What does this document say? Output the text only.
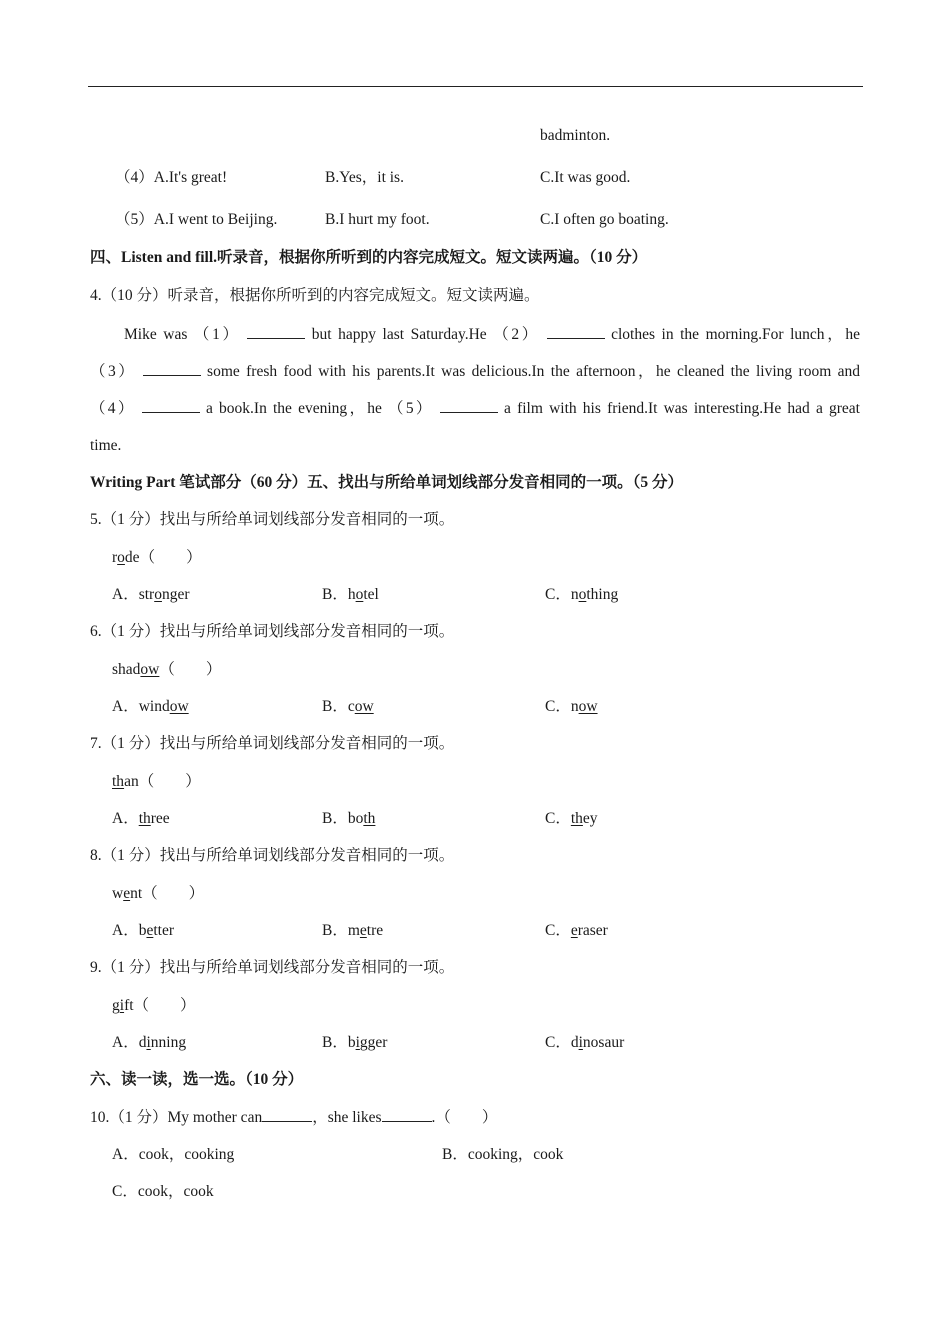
badminton.
（4）A.It's great!	B.Yes，it is.	C.It was good.
（5）A.I went to Beijing.	B.I hurt my foot.	C.I often go boating.
四、Listen and fill.听录音，根据你所听到的内容完成短文。短文读两遍。（10 分）
4.（10 分）听录音，根据你所听到的内容完成短文。短文读两遍。
Mike was （1）	but happy last Saturday.He （2）	clothes in the morning.For lunch，he
（3）	some fresh food with his parents.It was delicious.In the afternoon，he cleaned the living room and
（4）	a book.In the evening，he （5）	a film with his friend.It was interesting.He had a great
time.
Writing Part 笔试部分（60 分）五、找出与所给单词划线部分发音相同的一项。（5 分）
5.（1 分）找出与所给单词划线部分发音相同的一项。
rode（　　）
A．stronger	B．hotel	C．nothing
6.（1 分）找出与所给单词划线部分发音相同的一项。
shadow（　　）
A．window	B．cow	C．now
7.（1 分）找出与所给单词划线部分发音相同的一项。
than（　　）
A．three	B．both	C．they
8.（1 分）找出与所给单词划线部分发音相同的一项。
went（　　）
A．better	B．metre	C．eraser
9.（1 分）找出与所给单词划线部分发音相同的一项。
gift（　　）
A．dinning	B．bigger	C．dinosaur
六、读一读，选一选。（10 分）
10.（1 分）My mother can	，she likes	.（　　）
A．cook，cooking	B．cooking，cook
C．cook，cook
